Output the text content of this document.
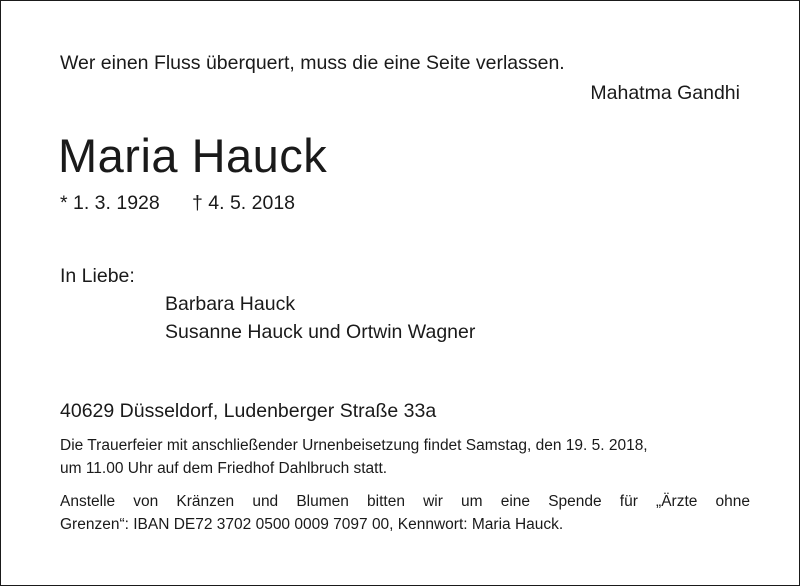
Wer einen Fluss überquert, muss die eine Seite verlassen.
Mahatma Gandhi
Maria Hauck
* 1. 3. 1928 † 4. 5. 2018
In Liebe:
Barbara Hauck
Susanne Hauck und Ortwin Wagner
40629 Düsseldorf, Ludenberger Straße 33a
Die Trauerfeier mit anschließender Urnenbeisetzung findet Samstag, den 19. 5. 2018,
um 11.00 Uhr auf dem Friedhof Dahlbruch statt.
Anstelle von Kränzen und Blumen bitten wir um eine Spende für „Ärzte ohne
Grenzen“: IBAN DE72 3702 0500 0009 7097 00, Kennwort: Maria Hauck.
